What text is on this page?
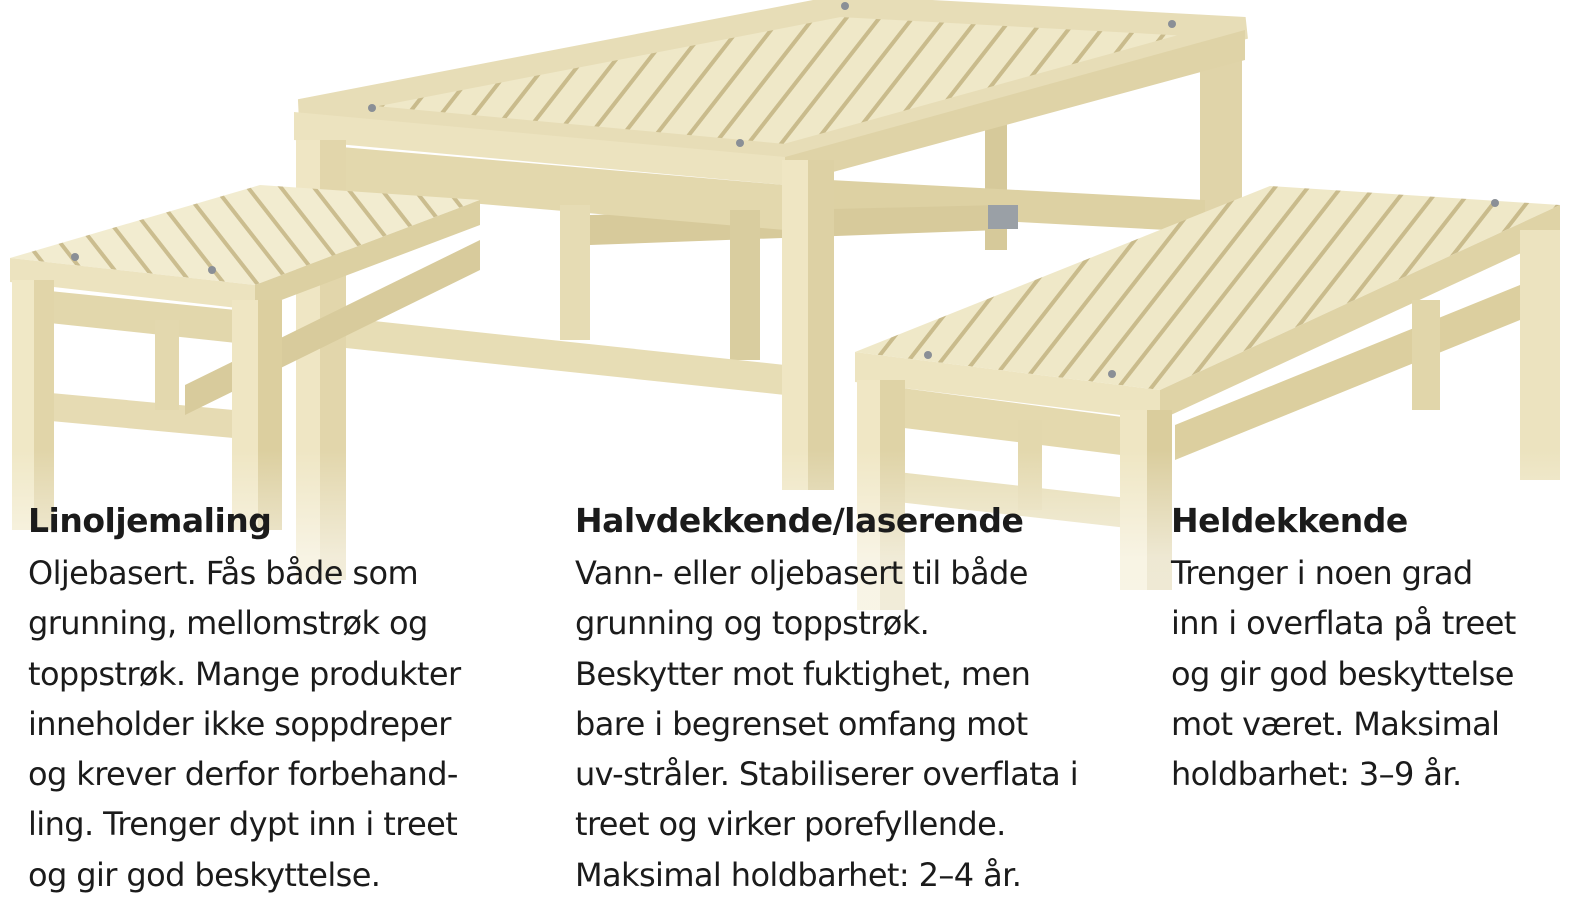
Linoljemaling

Oljebasert. Fås både som
grunning, mellomstrøk og
toppstrøk. Mange produkter
inneholder ikke soppdreper
og krever derfor forbehand-
ling. Trenger dypt inn i treet
og gir god beskyttelse.

Halvdekkende/laserende

Vann- eller oljebasert til både
grunning og toppstrøk.
Beskytter mot fuktighet, men
bare i begrenset omfang mot
uv-stråler. Stabiliserer overflata i
treet og virker porefyllende.
Maksimal holdbarhet: 2–4 år.

Heldekkende

Trenger i noen grad
inn i overflata på treet
og gir god beskyttelse
mot været. Maksimal
holdbarhet: 3–9 år.
